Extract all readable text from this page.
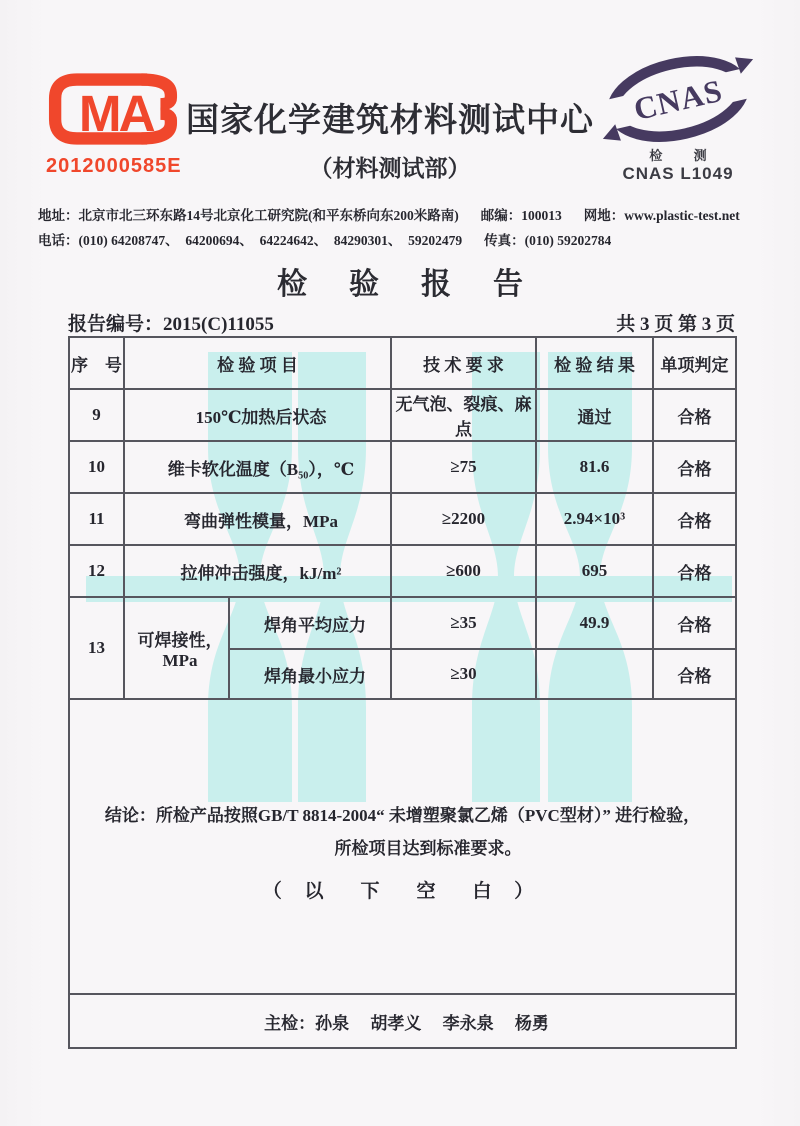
MA
2012000585E
国家化学建筑材料测试中心
（材料测试部）
CNAS
检 测
CNAS L1049
地址：北京市北三环东路14号北京化工研究院(和平东桥向东200米路南) 邮编：100013 网地：www.plastic-test.net
电话：(010) 64208747、  64200694、  64224642、  84290301、  59202479 传真：(010) 59202784
检　验　报　告
报告编号：2015(C)11055	共 3 页 第 3 页
序　号	检 验 项 目		技 术 要 求	检 验 结 果	单项判定
9	150℃加热后状态		无气泡、裂痕、麻点	通过	合格
10	维卡软化温度（B₅₀），℃		≥75	81.6	合格
11	弯曲弹性模量，MPa		≥2200	2.94×10³	合格
12	拉伸冲击强度，kJ/m²		≥600	695	合格
13	可焊接性，MPa	焊角平均应力	≥35	49.9	合格
		焊角最小应力	≥30		合格

结论：所检产品按照GB/T 8814-2004“ 未增塑聚氯乙烯（PVC型材）” 进行检验，
所检项目达到标准要求。
（ 以　下　空　白 ）					

主检：孙泉　 胡孝义　 李永泉　 杨勇					
